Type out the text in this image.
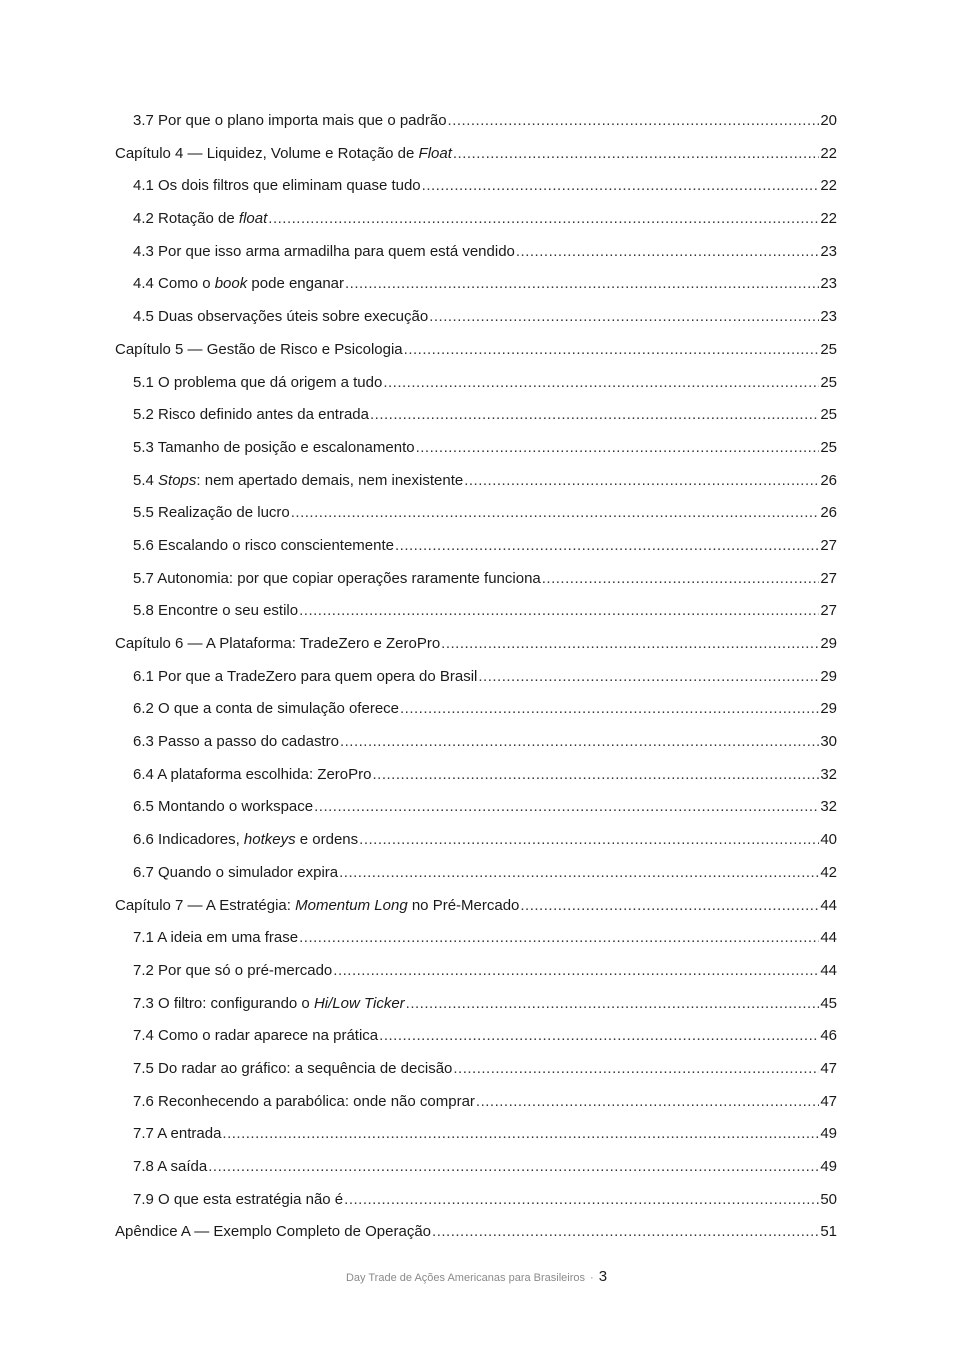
3.7 Por que o plano importa mais que o padrão .....	20
Capítulo 4 — Liquidez, Volume e Rotação de Float .....	22
4.1 Os dois filtros que eliminam quase tudo .....	22
4.2 Rotação de float .....	22
4.3 Por que isso arma armadilha para quem está vendido .....	23
4.4 Como o book pode enganar .....	23
4.5 Duas observações úteis sobre execução .....	23
Capítulo 5 — Gestão de Risco e Psicologia .....	25
5.1 O problema que dá origem a tudo .....	25
5.2 Risco definido antes da entrada .....	25
5.3 Tamanho de posição e escalonamento .....	25
5.4 Stops: nem apertado demais, nem inexistente .....	26
5.5 Realização de lucro .....	26
5.6 Escalando o risco conscientemente .....	27
5.7 Autonomia: por que copiar operações raramente funciona .....	27
5.8 Encontre o seu estilo .....	27
Capítulo 6 — A Plataforma: TradeZero e ZeroPro .....	29
6.1 Por que a TradeZero para quem opera do Brasil .....	29
6.2 O que a conta de simulação oferece .....	29
6.3 Passo a passo do cadastro .....	30
6.4 A plataforma escolhida: ZeroPro .....	32
6.5 Montando o workspace .....	32
6.6 Indicadores, hotkeys e ordens .....	40
6.7 Quando o simulador expira .....	42
Capítulo 7 — A Estratégia: Momentum Long no Pré-Mercado .....	44
7.1 A ideia em uma frase .....	44
7.2 Por que só o pré-mercado .....	44
7.3 O filtro: configurando o Hi/Low Ticker .....	45
7.4 Como o radar aparece na prática .....	46
7.5 Do radar ao gráfico: a sequência de decisão .....	47
7.6 Reconhecendo a parabólica: onde não comprar .....	47
7.7 A entrada .....	49
7.8 A saída .....	49
7.9 O que esta estratégia não é .....	50
Apêndice A — Exemplo Completo de Operação .....	51
Day Trade de Ações Americanas para Brasileiros · 3
